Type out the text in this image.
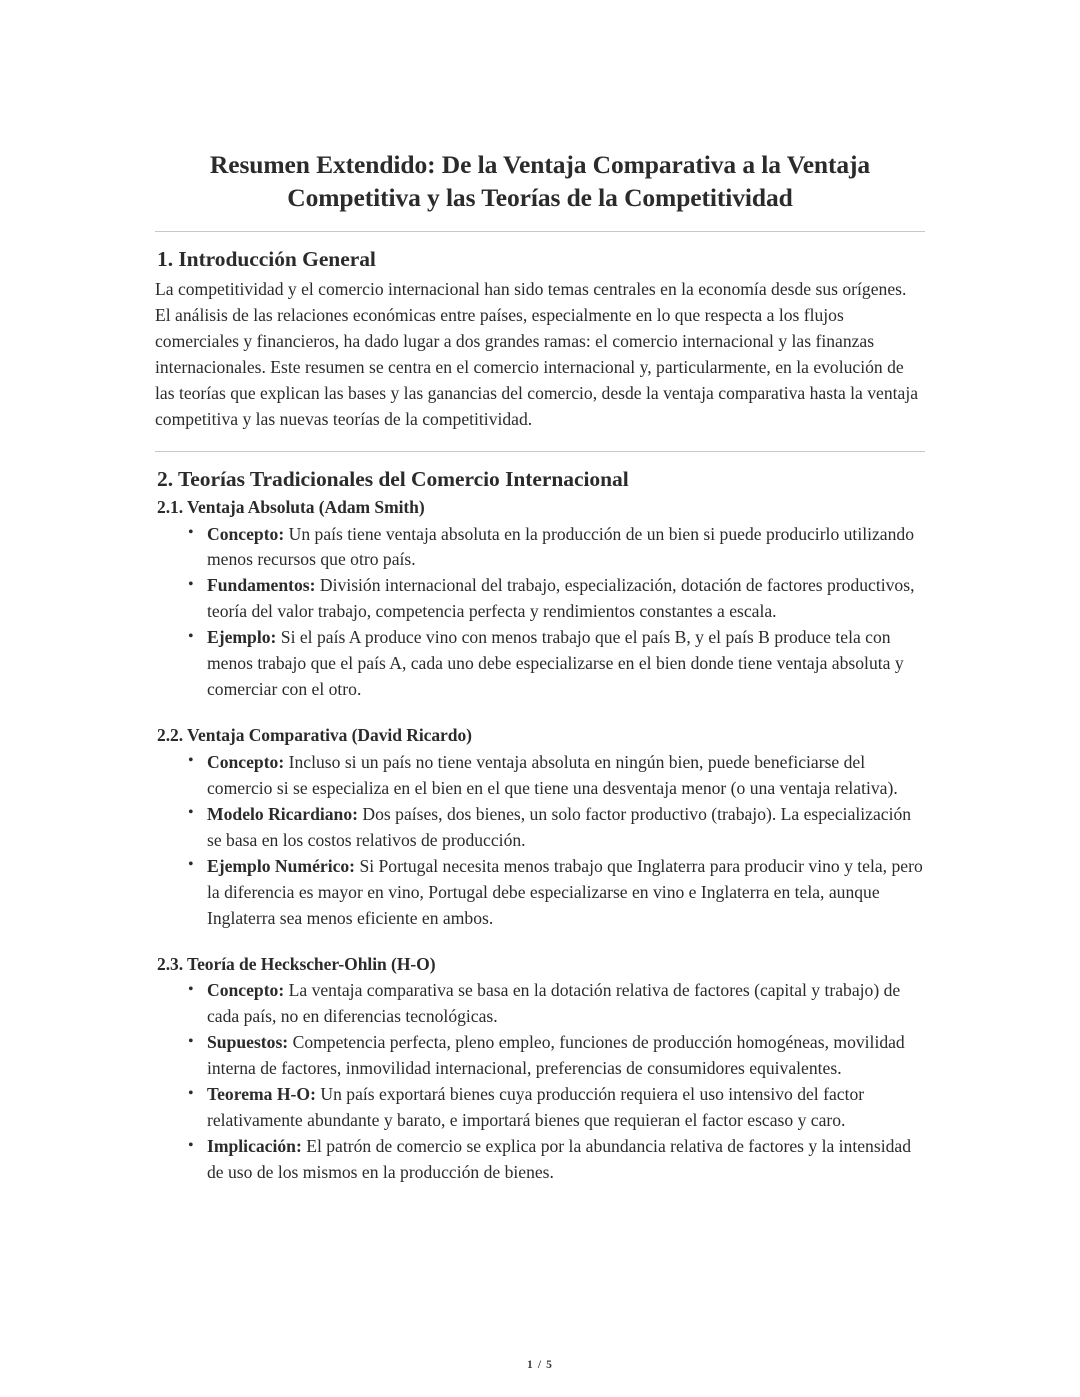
Resumen Extendido: De la Ventaja Comparativa a la Ventaja Competitiva y las Teorías de la Competitividad
1. Introducción General

La competitividad y el comercio internacional han sido temas centrales en la economía desde sus orígenes. El análisis de las relaciones económicas entre países, especialmente en lo que respecta a los flujos comerciales y financieros, ha dado lugar a dos grandes ramas: el comercio internacional y las finanzas internacionales. Este resumen se centra en el comercio internacional y, particularmente, en la evolución de las teorías que explican las bases y las ganancias del comercio, desde la ventaja comparativa hasta la ventaja competitiva y las nuevas teorías de la competitividad.

2. Teorías Tradicionales del Comercio Internacional
2.1. Ventaja Absoluta (Adam Smith)
• Concepto: Un país tiene ventaja absoluta en la producción de un bien si puede producirlo utilizando menos recursos que otro país.
• Fundamentos: División internacional del trabajo, especialización, dotación de factores productivos, teoría del valor trabajo, competencia perfecta y rendimientos constantes a escala.
• Ejemplo: Si el país A produce vino con menos trabajo que el país B, y el país B produce tela con menos trabajo que el país A, cada uno debe especializarse en el bien donde tiene ventaja absoluta y comerciar con el otro.
2.2. Ventaja Comparativa (David Ricardo)
• Concepto: Incluso si un país no tiene ventaja absoluta en ningún bien, puede beneficiarse del comercio si se especializa en el bien en el que tiene una desventaja menor (o una ventaja relativa).
• Modelo Ricardiano: Dos países, dos bienes, un solo factor productivo (trabajo). La especialización se basa en los costos relativos de producción.
• Ejemplo Numérico: Si Portugal necesita menos trabajo que Inglaterra para producir vino y tela, pero la diferencia es mayor en vino, Portugal debe especializarse en vino e Inglaterra en tela, aunque Inglaterra sea menos eficiente en ambos.
2.3. Teoría de Heckscher-Ohlin (H-O)
• Concepto: La ventaja comparativa se basa en la dotación relativa de factores (capital y trabajo) de cada país, no en diferencias tecnológicas.
• Supuestos: Competencia perfecta, pleno empleo, funciones de producción homogéneas, movilidad interna de factores, inmovilidad internacional, preferencias de consumidores equivalentes.
• Teorema H-O: Un país exportará bienes cuya producción requiera el uso intensivo del factor relativamente abundante y barato, e importará bienes que requieran el factor escaso y caro.
• Implicación: El patrón de comercio se explica por la abundancia relativa de factores y la intensidad de uso de los mismos en la producción de bienes.
1 / 5
